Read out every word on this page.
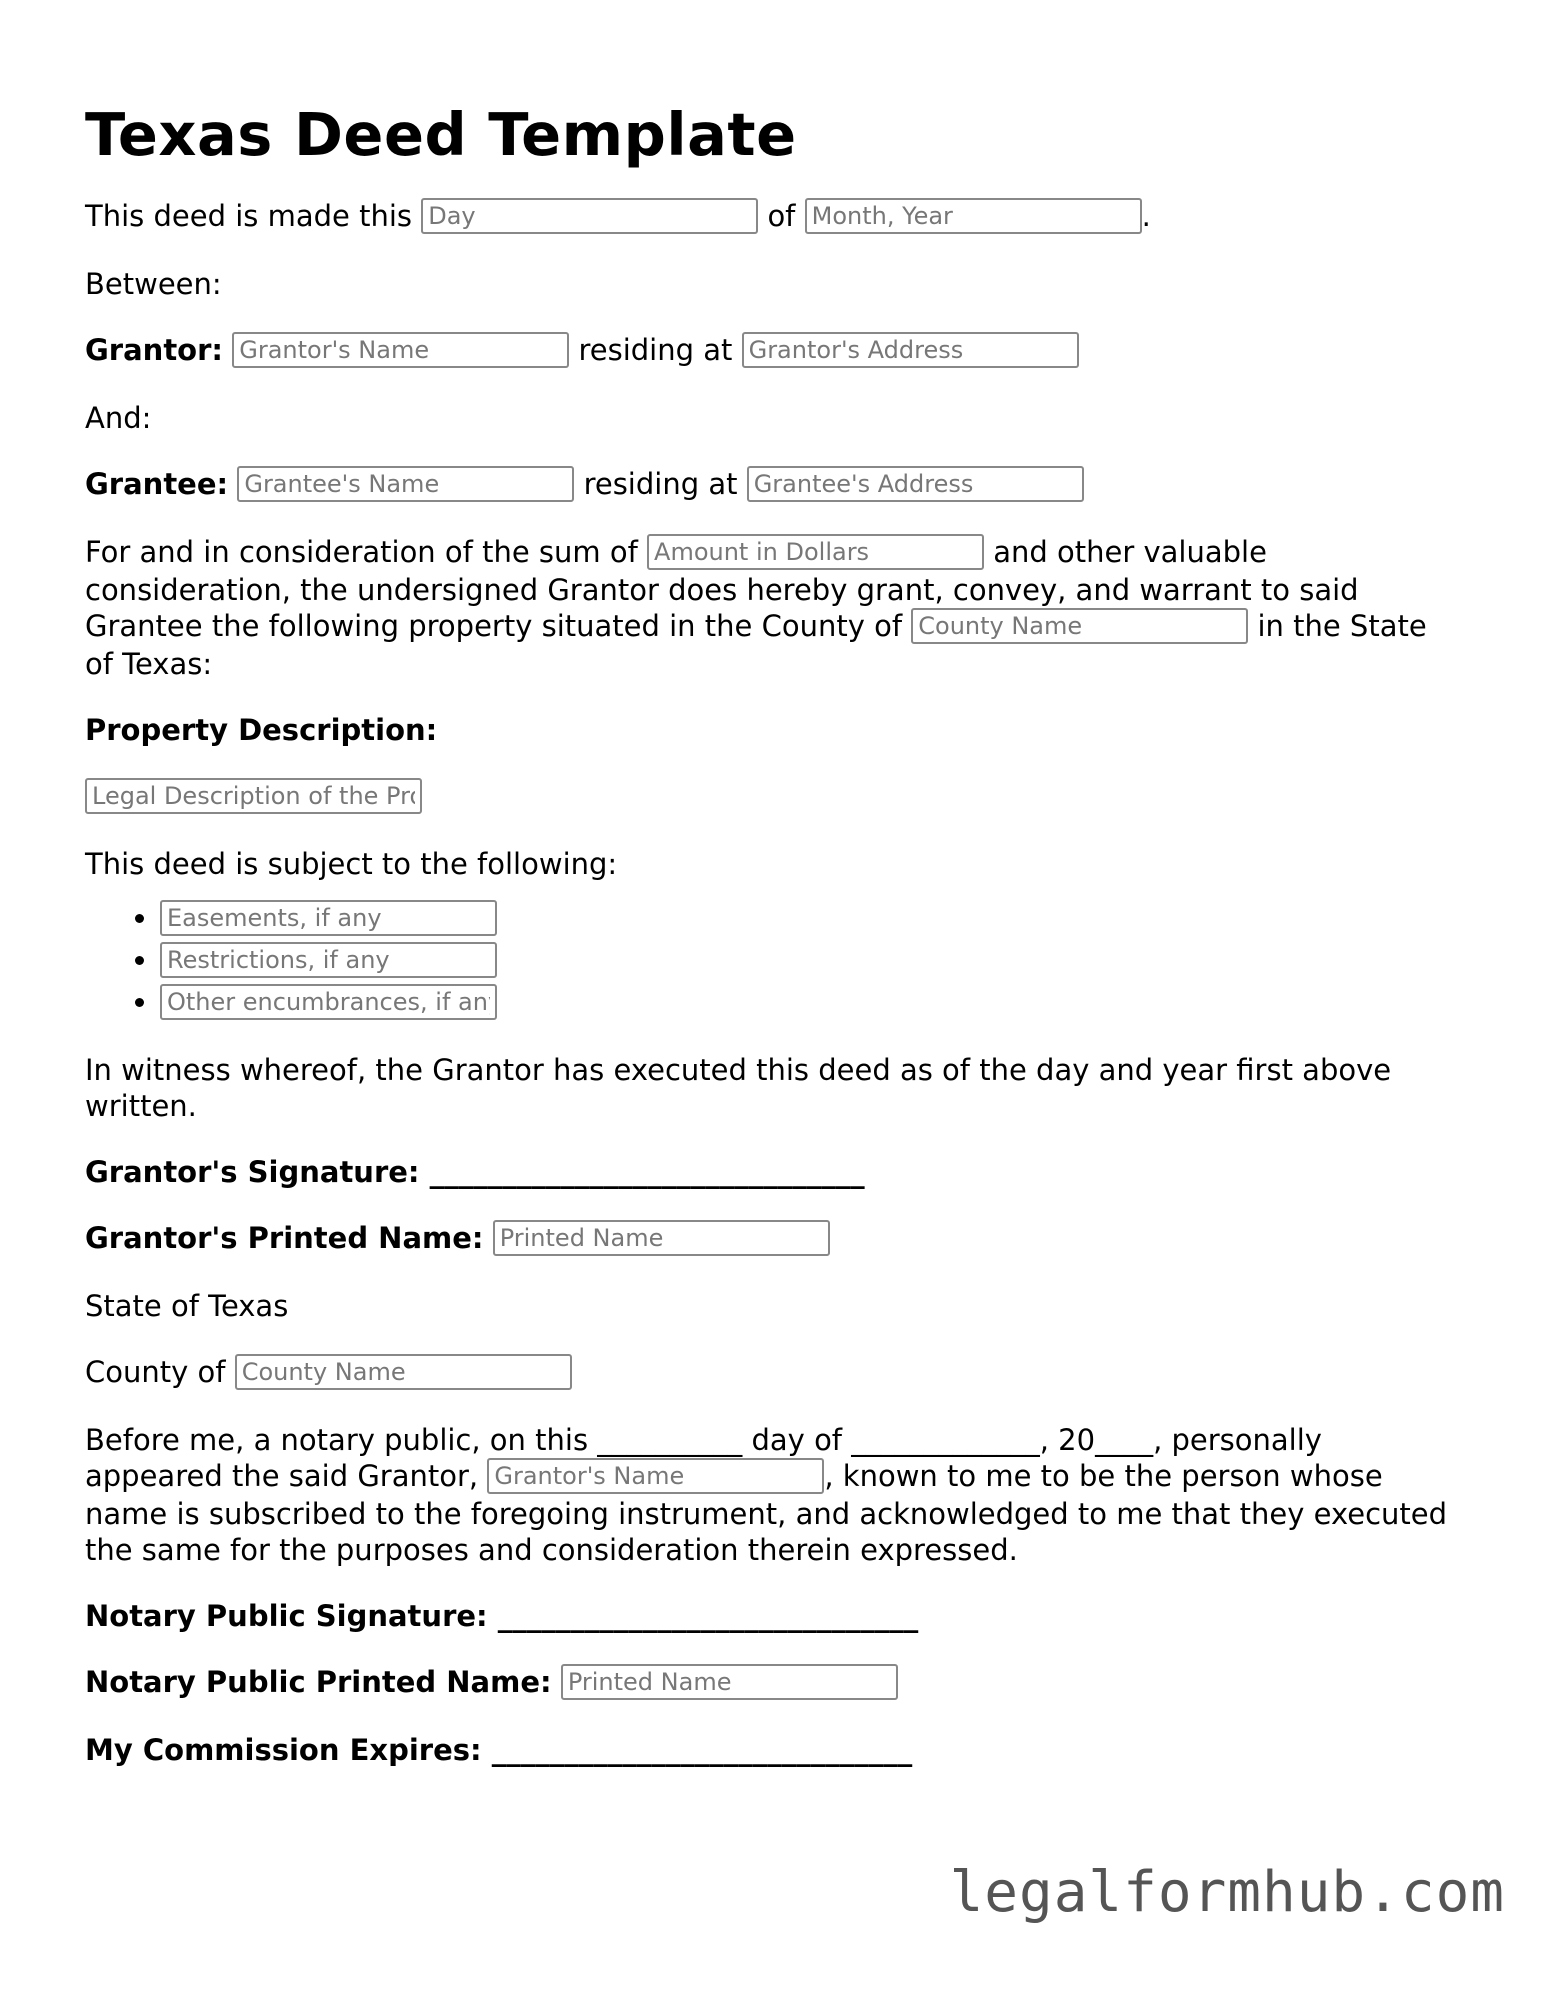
Texas Deed Template

This deed is made this Day	of Month, Year	.

Between:

Grantor: Grantor's Name	residing at Grantor's Address

And:

Grantee: Grantee's Name	residing at Grantee's Address

For and in consideration of the sum of Amount in Dollars	and other valuable consideration, the undersigned Grantor does hereby grant, convey, and warrant to said Grantee the following property situated in the County of County Name	in the State of Texas:

Property Description:

Legal Description of the Property

This deed is subject to the following:

• Easements, if any
• Restrictions, if any
• Other encumbrances, if any

In witness whereof, the Grantor has executed this deed as of the day and year first above written.

Grantor's Signature: ______________________________

Grantor's Printed Name: Printed Name

State of Texas

County of County Name

Before me, a notary public, on this __________ day of _____________, 20____, personally appeared the said Grantor, Grantor's Name	, known to me to be the person whose name is subscribed to the foregoing instrument, and acknowledged to me that they executed the same for the purposes and consideration therein expressed.

Notary Public Signature: _____________________________

Notary Public Printed Name: Printed Name

My Commission Expires: _____________________________

legalformhub.com
